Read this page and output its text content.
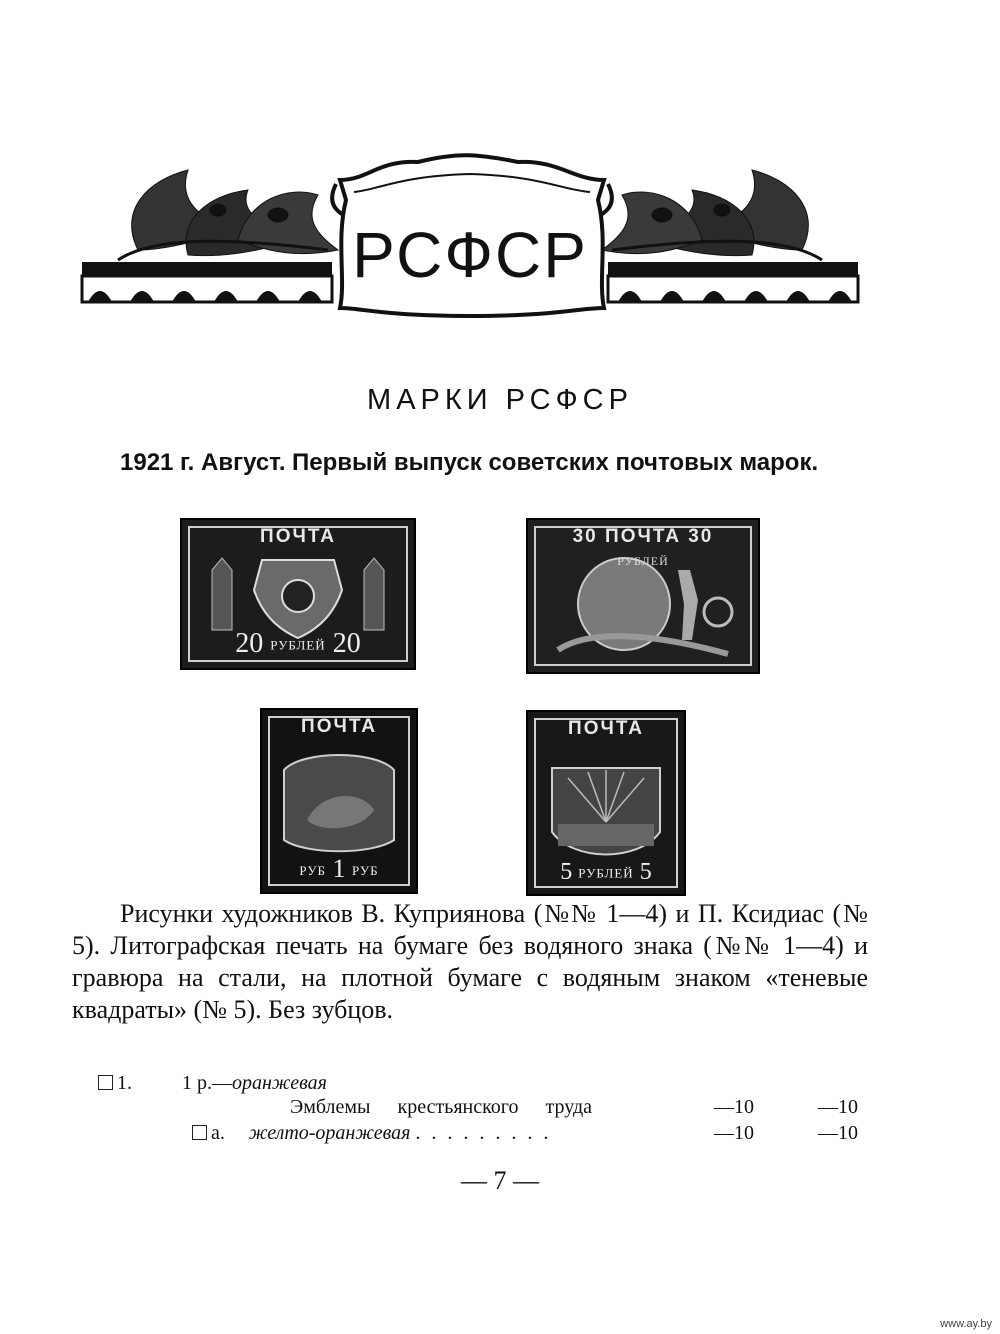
РСФСР
МАРКИ РСФСР
1921 г. Август. Первый выпуск советских почтовых марок.
ПОЧТА
20 РУБЛЕЙ 20
30 ПОЧТА 30
РУБЛЕЙ
ПОЧТА
РУБ 1 РУБ
ПОЧТА
5 РУБЛЕЙ 5
Рисунки художников В. Куприянова (№№ 1—4) и П. Ксидиас (№ 5). Литографская печать на бумаге без водяного знака (№№ 1—4) и гравюра на стали, на плотной бумаге с водяным знаком «теневые квадраты» (№ 5). Без зубцов.
1.	1 р.—оранжевая
Эмблемы крестьянского труда	—10	—10
а. желто-оранжевая . . . . . . . . .	—10	—10
— 7 —
www.ay.by
